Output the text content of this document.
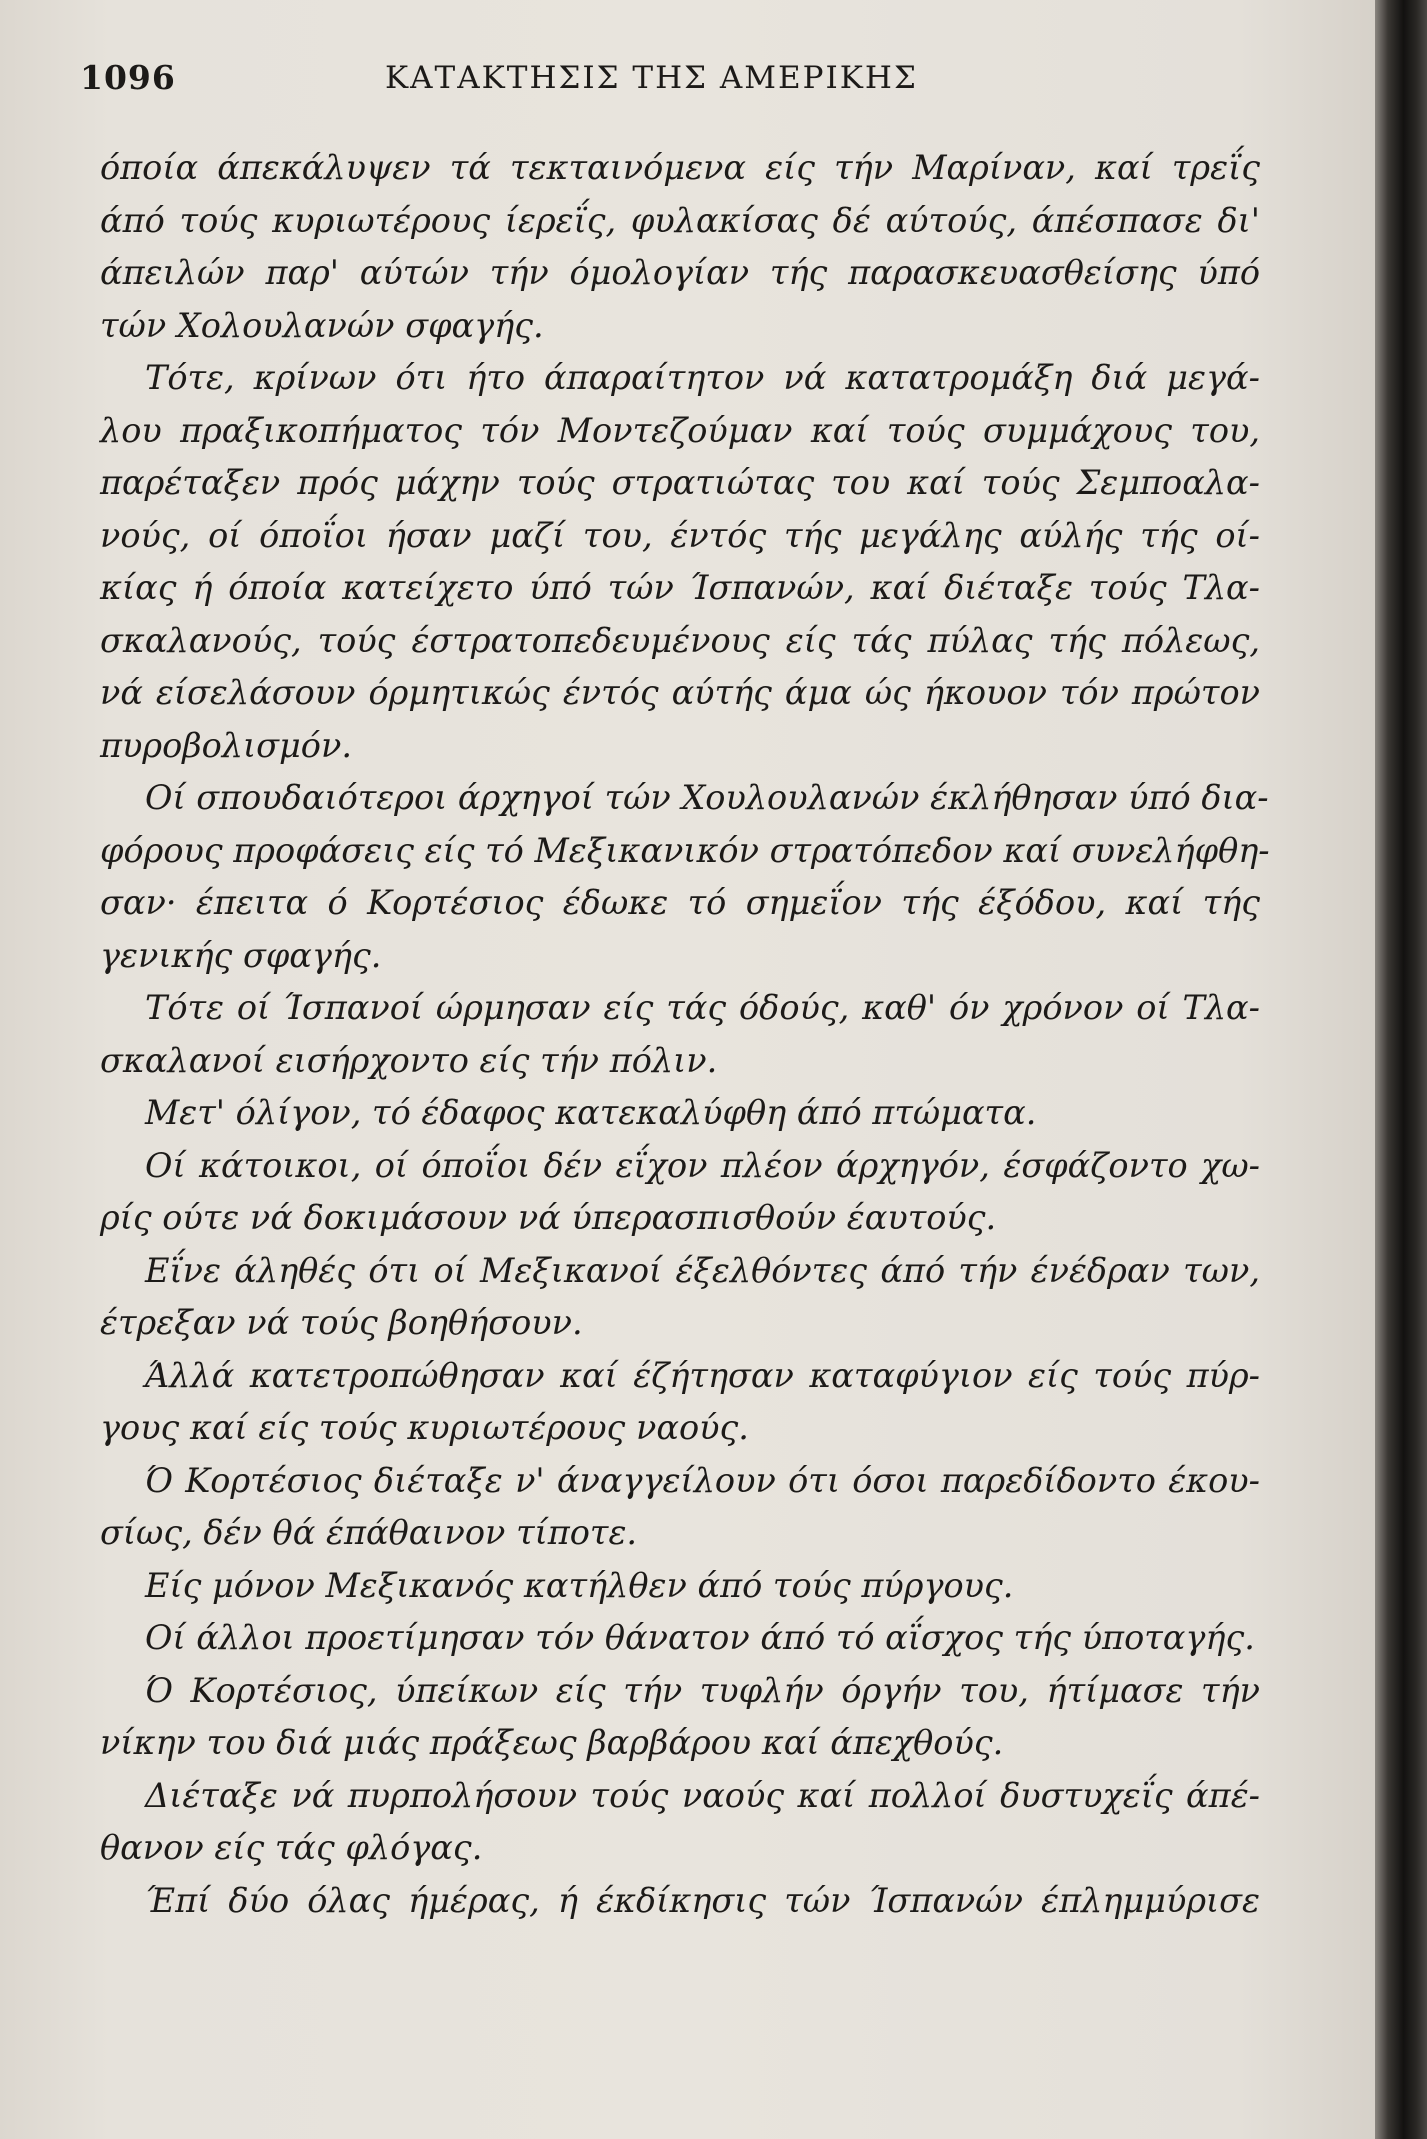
1096	ΚΑΤΑΚΤΗΣΙΣ ΤΗΣ ΑΜΕΡΙΚΗΣ
όποία άπεκάλυψεν τά τεκταινόμενα είς τήν Μαρίναν, καί τρεΐς
άπό τούς κυριωτέρους ίερεΐς, φυλακίσας δέ αύτούς, άπέσπασε δι'
άπειλών παρ' αύτών τήν όμολογίαν τής παρασκευασθείσης ύπό
τών Χολουλανών σφαγής.
Τότε, κρίνων ότι ήτο άπαραίτητον νά κατατρομάξη διά μεγά-
λου πραξικοπήματος τόν Μοντεζούμαν καί τούς συμμάχους του,
παρέταξεν πρός μάχην τούς στρατιώτας του καί τούς Σεμποαλα-
νούς, οί όποΐοι ήσαν μαζί του, έντός τής μεγάλης αύλής τής οί-
κίας ή όποία κατείχετο ύπό τών Ίσπανών, καί διέταξε τούς Τλα-
σκαλανούς, τούς έστρατοπεδευμένους είς τάς πύλας τής πόλεως,
νά είσελάσουν όρμητικώς έντός αύτής άμα ώς ήκουον τόν πρώτον
πυροβολισμόν.
Οί σπουδαιότεροι άρχηγοί τών Χουλουλανών έκλήθησαν ύπό δια-
φόρους προφάσεις είς τό Μεξικανικόν στρατόπεδον καί συνελήφθη-
σαν· έπειτα ό Κορτέσιος έδωκε τό σημεΐον τής έξόδου, καί τής
γενικής σφαγής.
Τότε οί Ίσπανοί ώρμησαν είς τάς όδούς, καθ' όν χρόνον οί Τλα-
σκαλανοί εισήρχοντο είς τήν πόλιν.
Μετ' όλίγον, τό έδαφος κατεκαλύφθη άπό πτώματα.
Οί κάτοικοι, οί όποΐοι δέν εΐχον πλέον άρχηγόν, έσφάζοντο χω-
ρίς ούτε νά δοκιμάσουν νά ύπερασπισθούν έαυτούς.
Εΐνε άληθές ότι οί Μεξικανοί έξελθόντες άπό τήν ένέδραν των,
έτρεξαν νά τούς βοηθήσουν.
Άλλά κατετροπώθησαν καί έζήτησαν καταφύγιον είς τούς πύρ-
γους καί είς τούς κυριωτέρους ναούς.
Ό Κορτέσιος διέταξε ν' άναγγείλουν ότι όσοι παρεδίδοντο έκου-
σίως, δέν θά έπάθαινον τίποτε.
Είς μόνον Μεξικανός κατήλθεν άπό τούς πύργους.
Οί άλλοι προετίμησαν τόν θάνατον άπό τό αΐσχος τής ύποταγής.
Ό Κορτέσιος, ύπείκων είς τήν τυφλήν όργήν του, ήτίμασε τήν
νίκην του διά μιάς πράξεως βαρβάρου καί άπεχθούς.
Διέταξε νά πυρπολήσουν τούς ναούς καί πολλοί δυστυχεΐς άπέ-
θανον είς τάς φλόγας.
Έπί δύο όλας ήμέρας, ή έκδίκησις τών Ίσπανών έπλημμύρισε
